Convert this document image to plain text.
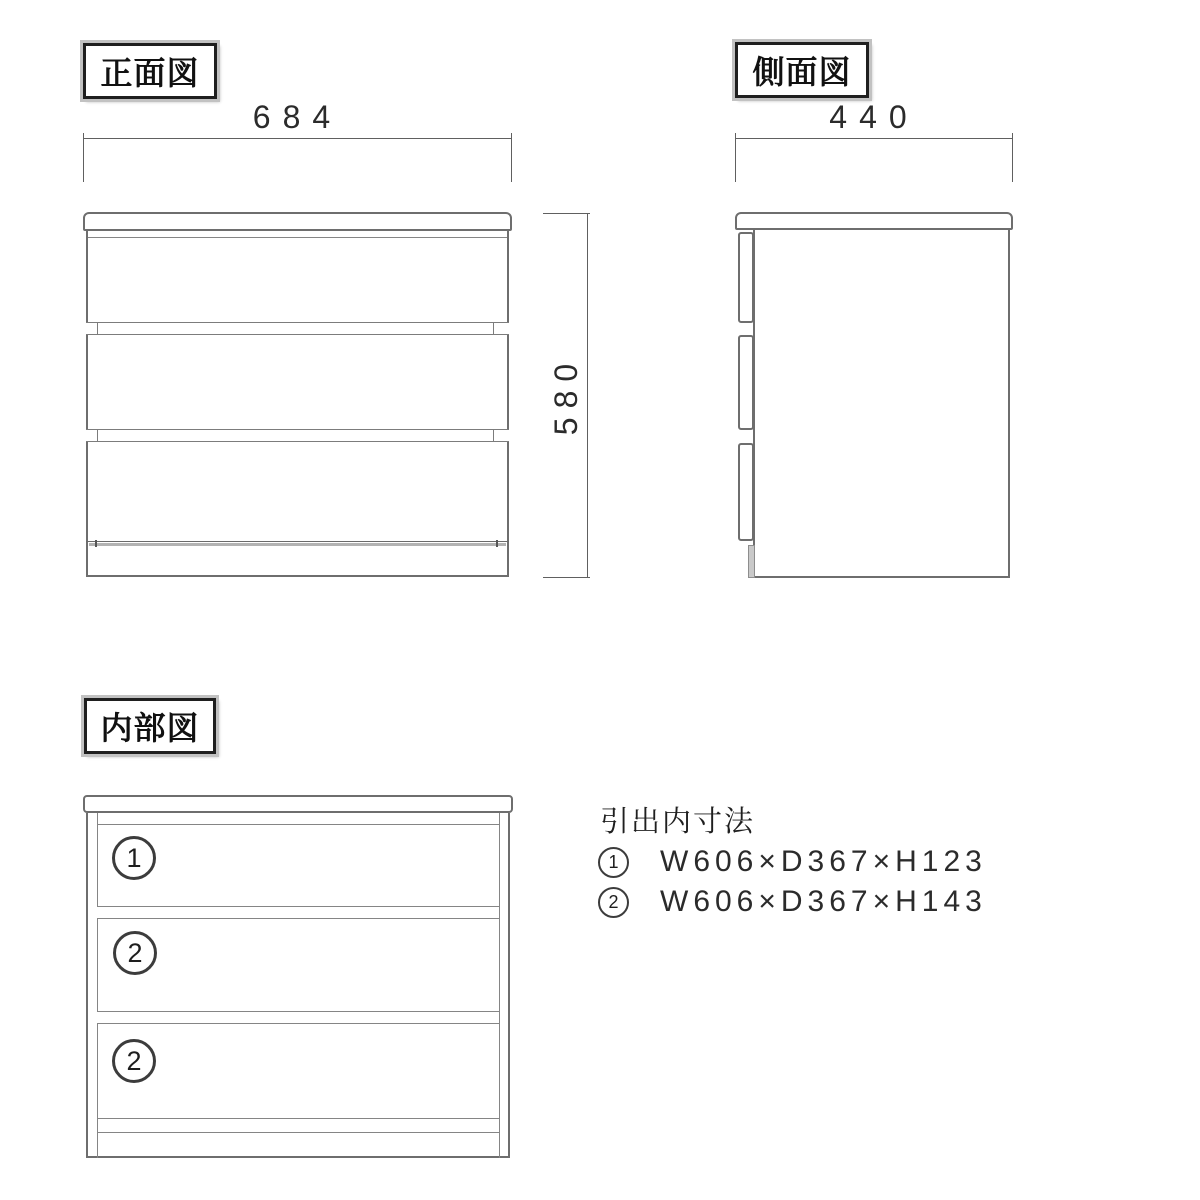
正面図
684
580
側面図
440
内部図
1
2
2
引出内寸法
1 W606×D367×H123
2 W606×D367×H143
